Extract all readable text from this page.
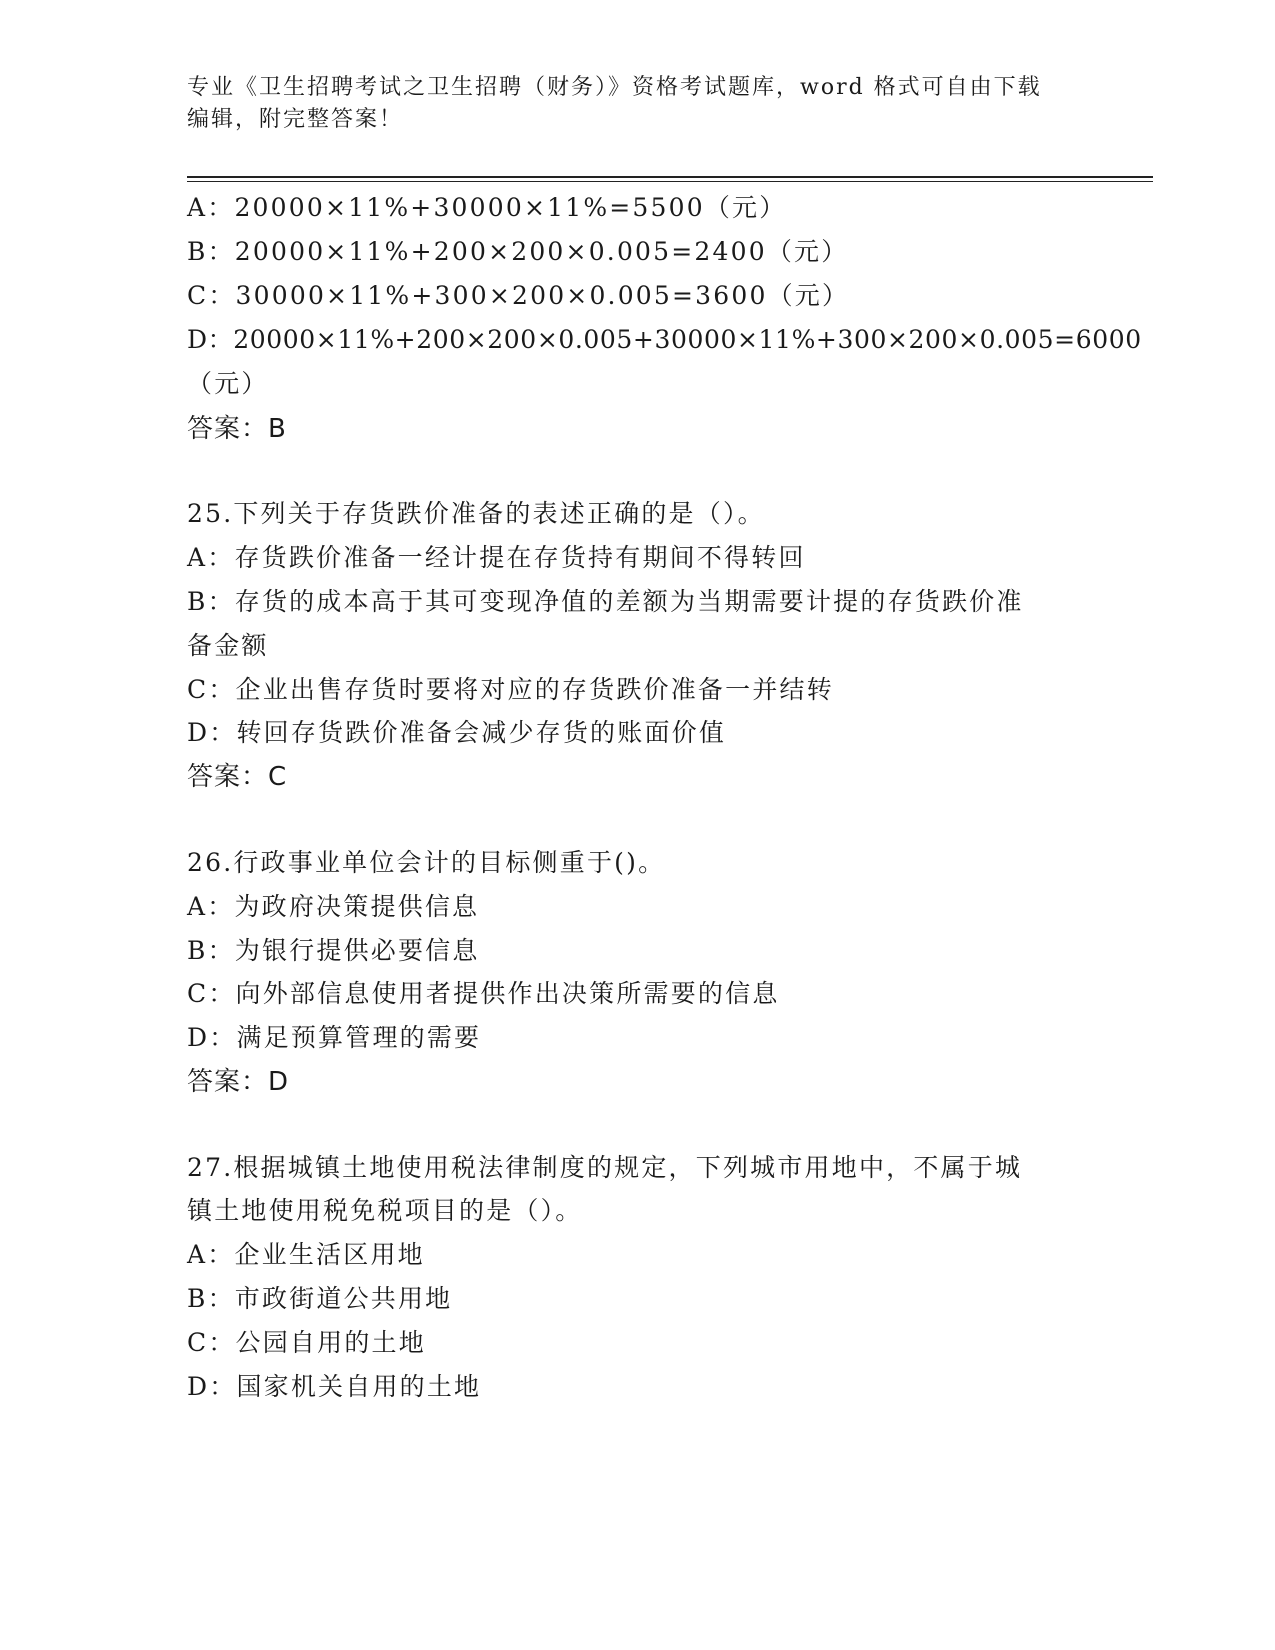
专业《卫生招聘考试之卫生招聘（财务）》资格考试题库，word 格式可自由下载
编辑，附完整答案！
A：20000×11%+30000×11%=5500（元）
B：20000×11%+200×200×0.005=2400（元）
C：30000×11%+300×200×0.005=3600（元）
D：20000×11%+200×200×0.005+30000×11%+300×200×0.005=6000
（元）
答案：B
25.下列关于存货跌价准备的表述正确的是（）。
A：存货跌价准备一经计提在存货持有期间不得转回
B：存货的成本高于其可变现净值的差额为当期需要计提的存货跌价准
备金额
C：企业出售存货时要将对应的存货跌价准备一并结转
D：转回存货跌价准备会减少存货的账面价值
答案：C
26.行政事业单位会计的目标侧重于()。
A：为政府决策提供信息
B：为银行提供必要信息
C：向外部信息使用者提供作出决策所需要的信息
D：满足预算管理的需要
答案：D
27.根据城镇土地使用税法律制度的规定，下列城市用地中，不属于城
镇土地使用税免税项目的是（）。
A：企业生活区用地
B：市政街道公共用地
C：公园自用的土地
D：国家机关自用的土地
